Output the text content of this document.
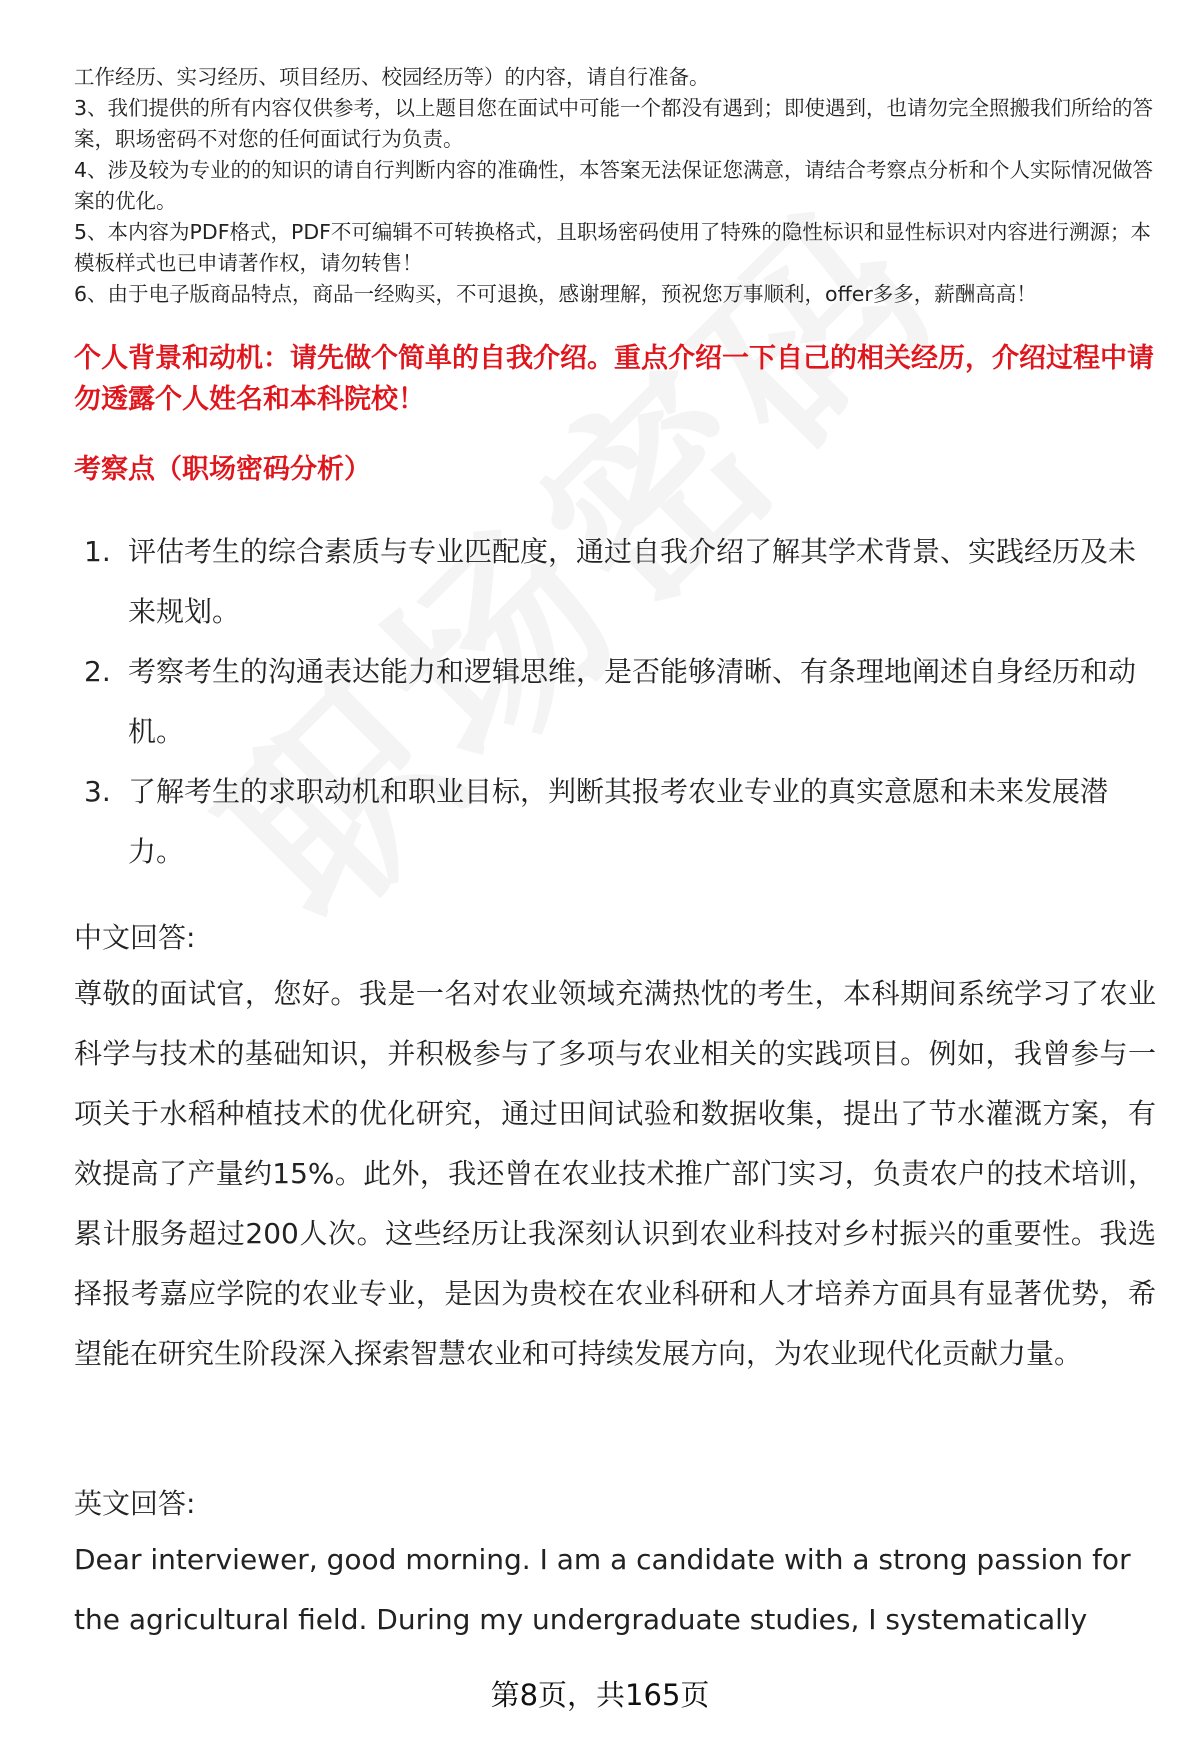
工作经历、实习经历、项目经历、校园经历等）的内容，请自行准备。

3、我们提供的所有内容仅供参考，以上题目您在面试中可能一个都没有遇到；即使遇到，也请勿完全照搬我们所给的答案，职场密码不对您的任何面试行为负责。

4、涉及较为专业的的知识的请自行判断内容的准确性，本答案无法保证您满意，请结合考察点分析和个人实际情况做答案的优化。

5、本内容为PDF格式，PDF不可编辑不可转换格式，且职场密码使用了特殊的隐性标识和显性标识对内容进行溯源；本模板样式也已申请著作权，请勿转售！

6、由于电子版商品特点，商品一经购买，不可退换，感谢理解，预祝您万事顺利，offer多多，薪酬高高！

个人背景和动机：请先做个简单的自我介绍。重点介绍一下自己的相关经历，介绍过程中请勿透露个人姓名和本科院校！
考察点（职场密码分析）
1. 评估考生的综合素质与专业匹配度，通过自我介绍了解其学术背景、实践经历及未来规划。
2. 考察考生的沟通表达能力和逻辑思维，是否能够清晰、有条理地阐述自身经历和动机。
3. 了解考生的求职动机和职业目标，判断其报考农业专业的真实意愿和未来发展潜力。
中文回答:
尊敬的面试官，您好。我是一名对农业领域充满热忱的考生，本科期间系统学习了农业科学与技术的基础知识，并积极参与了多项与农业相关的实践项目。例如，我曾参与一项关于水稻种植技术的优化研究，通过田间试验和数据收集，提出了节水灌溉方案，有效提高了产量约15%。此外，我还曾在农业技术推广部门实习，负责农户的技术培训，累计服务超过200人次。这些经历让我深刻认识到农业科技对乡村振兴的重要性。我选择报考嘉应学院的农业专业，是因为贵校在农业科研和人才培养方面具有显著优势，希望能在研究生阶段深入探索智慧农业和可持续发展方向，为农业现代化贡献力量。
英文回答:
Dear interviewer, good morning. I am a candidate with a strong passion for the agricultural field. During my undergraduate studies, I systematically
第8页，共165页
